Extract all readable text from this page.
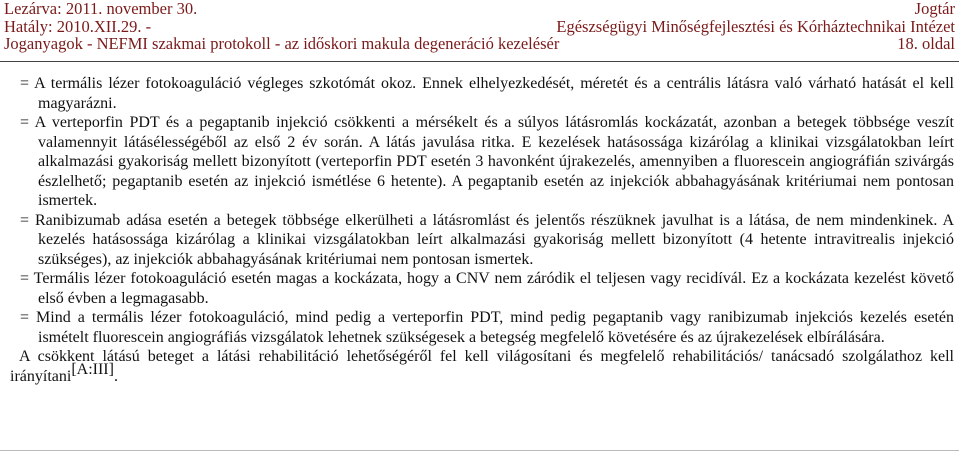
Lezárva: 2011. november 30.	Jogtár
Hatály: 2010.XII.29. -	Egészségügyi Minőségfejlesztési és Kórháztechnikai Intézet
Joganyagok - NEFMI szakmai protokoll - az időskori makula degeneráció kezelésér	18. oldal

= A termális lézer fotokoaguláció végleges szkotómát okoz. Ennek elhelyezkedését, méretét és a centrális látásra való várható hatását el kell magyarázni.

= A verteporfin PDT és a pegaptanib injekció csökkenti a mérsékelt és a súlyos látásromlás kockázatát, azonban a betegek többsége veszít valamennyit látásélességéből az első 2 év során. A látás javulása ritka. E kezelések hatásossága kizárólag a klinikai vizsgálatokban leírt alkalmazási gyakoriság mellett bizonyított (verteporfin PDT esetén 3 havonként újrakezelés, amennyiben a fluorescein angiográfián szivárgás észlelhető; pegaptanib esetén az injekció ismétlése 6 hetente). A pegaptanib esetén az injekciók abbahagyásának kritériumai nem pontosan ismertek.

= Ranibizumab adása esetén a betegek többsége elkerülheti a látásromlást és jelentős részüknek javulhat is a látása, de nem mindenkinek. A kezelés hatásossága kizárólag a klinikai vizsgálatokban leírt alkalmazási gyakoriság mellett bizonyított (4 hetente intravitrealis injekció szükséges), az injekciók abbahagyásának kritériumai nem pontosan ismertek.

= Termális lézer fotokoaguláció esetén magas a kockázata, hogy a CNV nem záródik el teljesen vagy recidívál. Ez a kockázata kezelést követő első évben a legmagasabb.

= Mind a termális lézer fotokoaguláció, mind pedig a verteporfin PDT, mind pedig pegaptanib vagy ranibizumab injekciós kezelés esetén ismételt fluorescein angiográfiás vizsgálatok lehetnek szükségesek a betegség megfelelő követésére és az újrakezelések elbírálására.

A csökkent látású beteget a látási rehabilitáció lehetőségéről fel kell világosítani és megfelelő rehabilitációs/ tanácsadó szolgálathoz kell irányítani[A:III].
